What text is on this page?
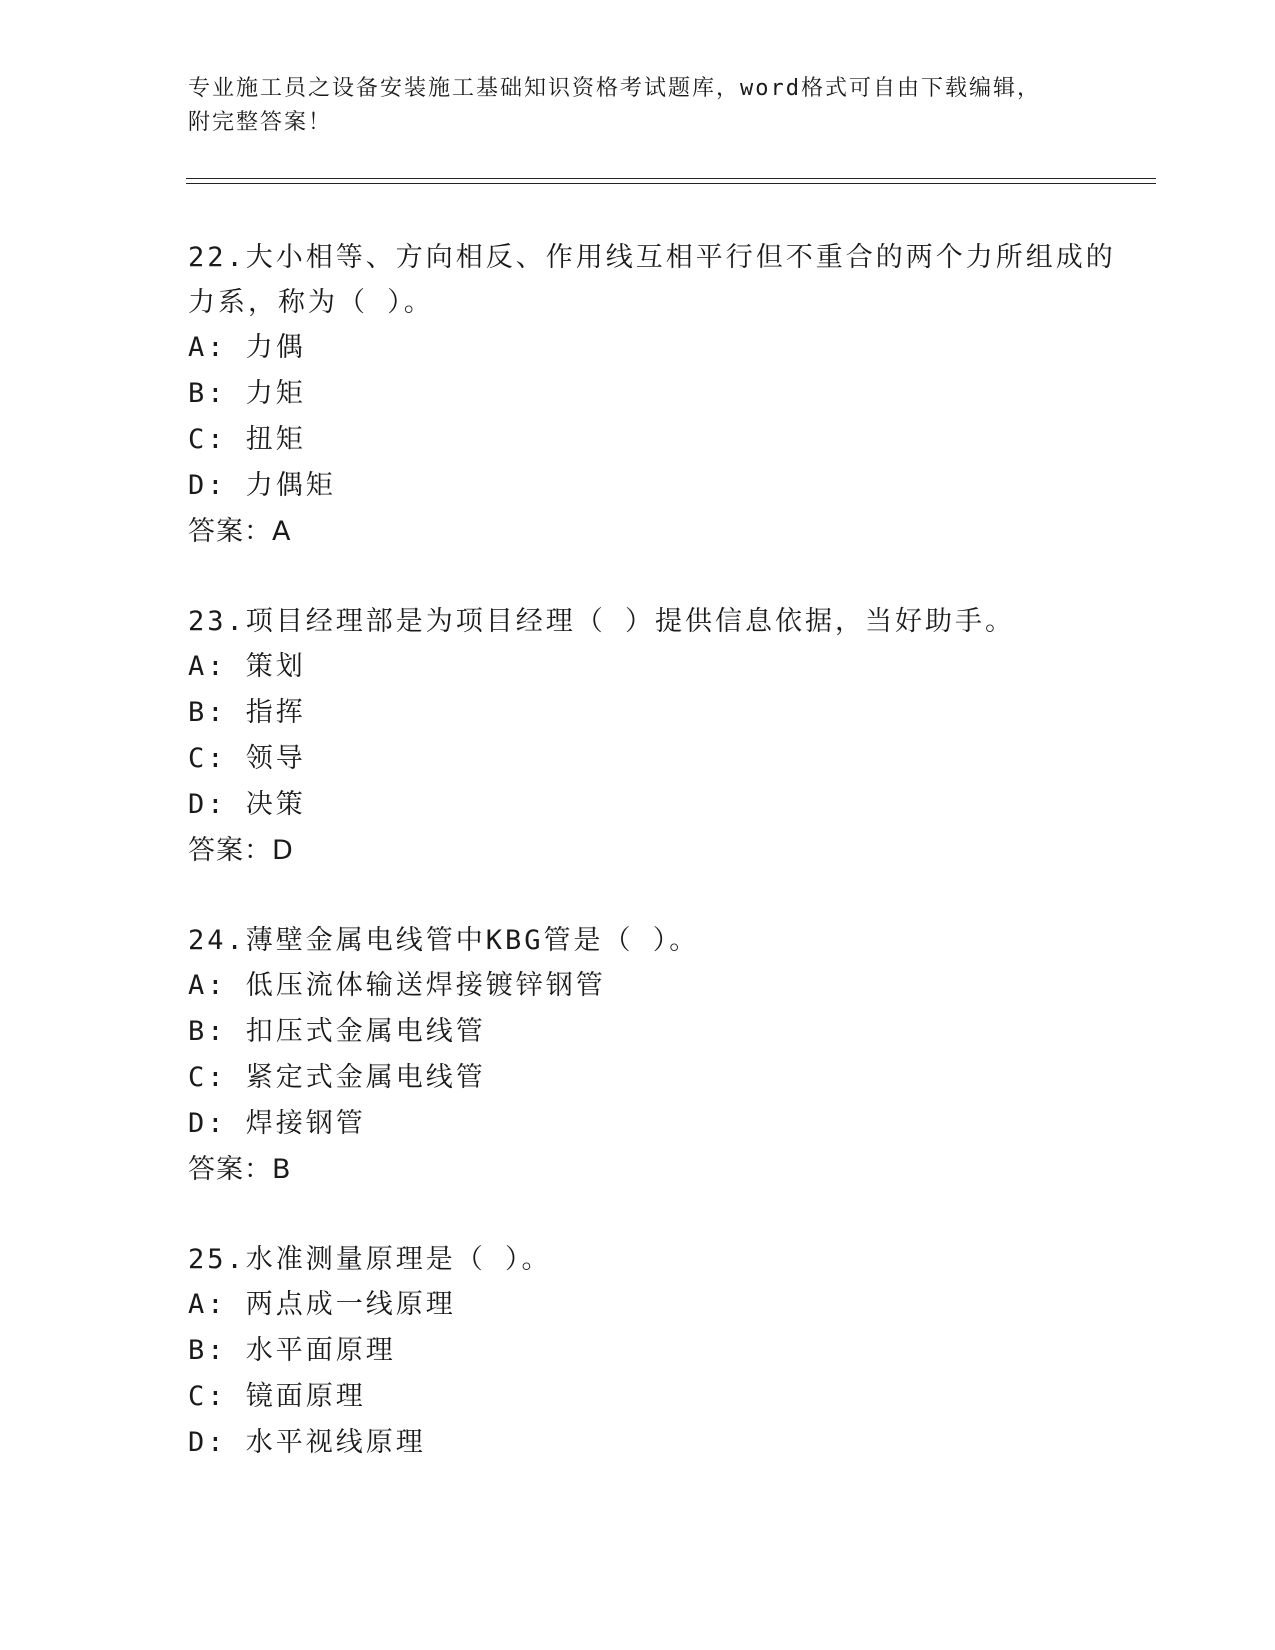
专业施工员之设备安装施工基础知识资格考试题库，word格式可自由下载编辑，
附完整答案！
22.大小相等、方向相反、作用线互相平行但不重合的两个力所组成的
力系，称为（ ）。
A: 力偶
B: 力矩
C: 扭矩
D: 力偶矩
答案：A
23.项目经理部是为项目经理（ ）提供信息依据，当好助手。
A: 策划
B: 指挥
C: 领导
D: 决策
答案：D
24.薄壁金属电线管中KBG管是（ ）。
A: 低压流体输送焊接镀锌钢管
B: 扣压式金属电线管
C: 紧定式金属电线管
D: 焊接钢管
答案：B
25.水准测量原理是（ ）。
A: 两点成一线原理
B: 水平面原理
C: 镜面原理
D: 水平视线原理
